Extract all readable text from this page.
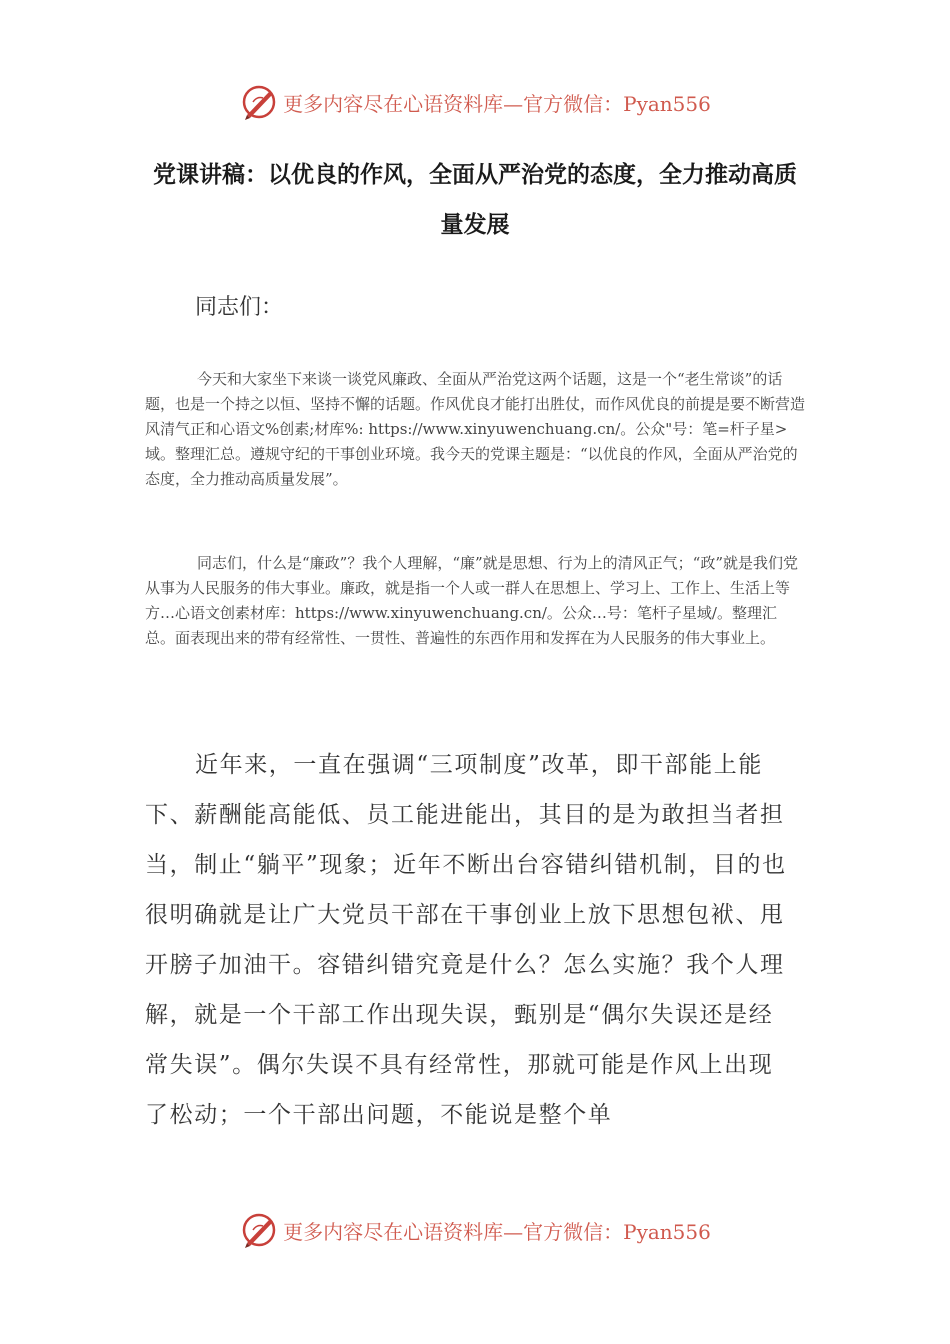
更多内容尽在心语资料库—官方微信：Pyan556
党课讲稿：以优良的作风，全面从严治党的态度，全力推动高质量发展

同志们：

今天和大家坐下来谈一谈党风廉政、全面从严治党这两个话题，这是一个“老生常谈”的话题，也是一个持之以恒、坚持不懈的话题。作风优良才能打出胜仗，而作风优良的前提是要不断营造风清气正和心语文%创素;材库%: https://www.xinyuwenchuang.cn/。公众"号：笔=杆子星>域。整理汇总。遵规守纪的干事创业环境。我今天的党课主题是：“以优良的作风，全面从严治党的态度，全力推动高质量发展”。

同志们，什么是“廉政”？我个人理解，“廉”就是思想、行为上的清风正气；“政”就是我们党从事为人民服务的伟大事业。廉政，就是指一个人或一群人在思想上、学习上、工作上、生活上等方…心语文创素材库：https://www.xinyuwenchuang.cn/。公众…号：笔杆子星域/。整理汇总。面表现出来的带有经常性、一贯性、普遍性的东西作用和发挥在为人民服务的伟大事业上。

近年来，一直在强调“三项制度”改革，即干部能上能下、薪酬能高能低、员工能进能出，其目的是为敢担当者担当，制止“躺平”现象；近年不断出台容错纠错机制，目的也很明确就是让广大党员干部在干事创业上放下思想包袱、甩开膀子加油干。容错纠错究竟是什么？怎么实施？我个人理解，就是一个干部工作出现失误，甄别是“偶尔失误还是经常失误”。偶尔失误不具有经常性，那就可能是作风上出现了松动；一个干部出问题，不能说是整个单

更多内容尽在心语资料库—官方微信：Pyan556
